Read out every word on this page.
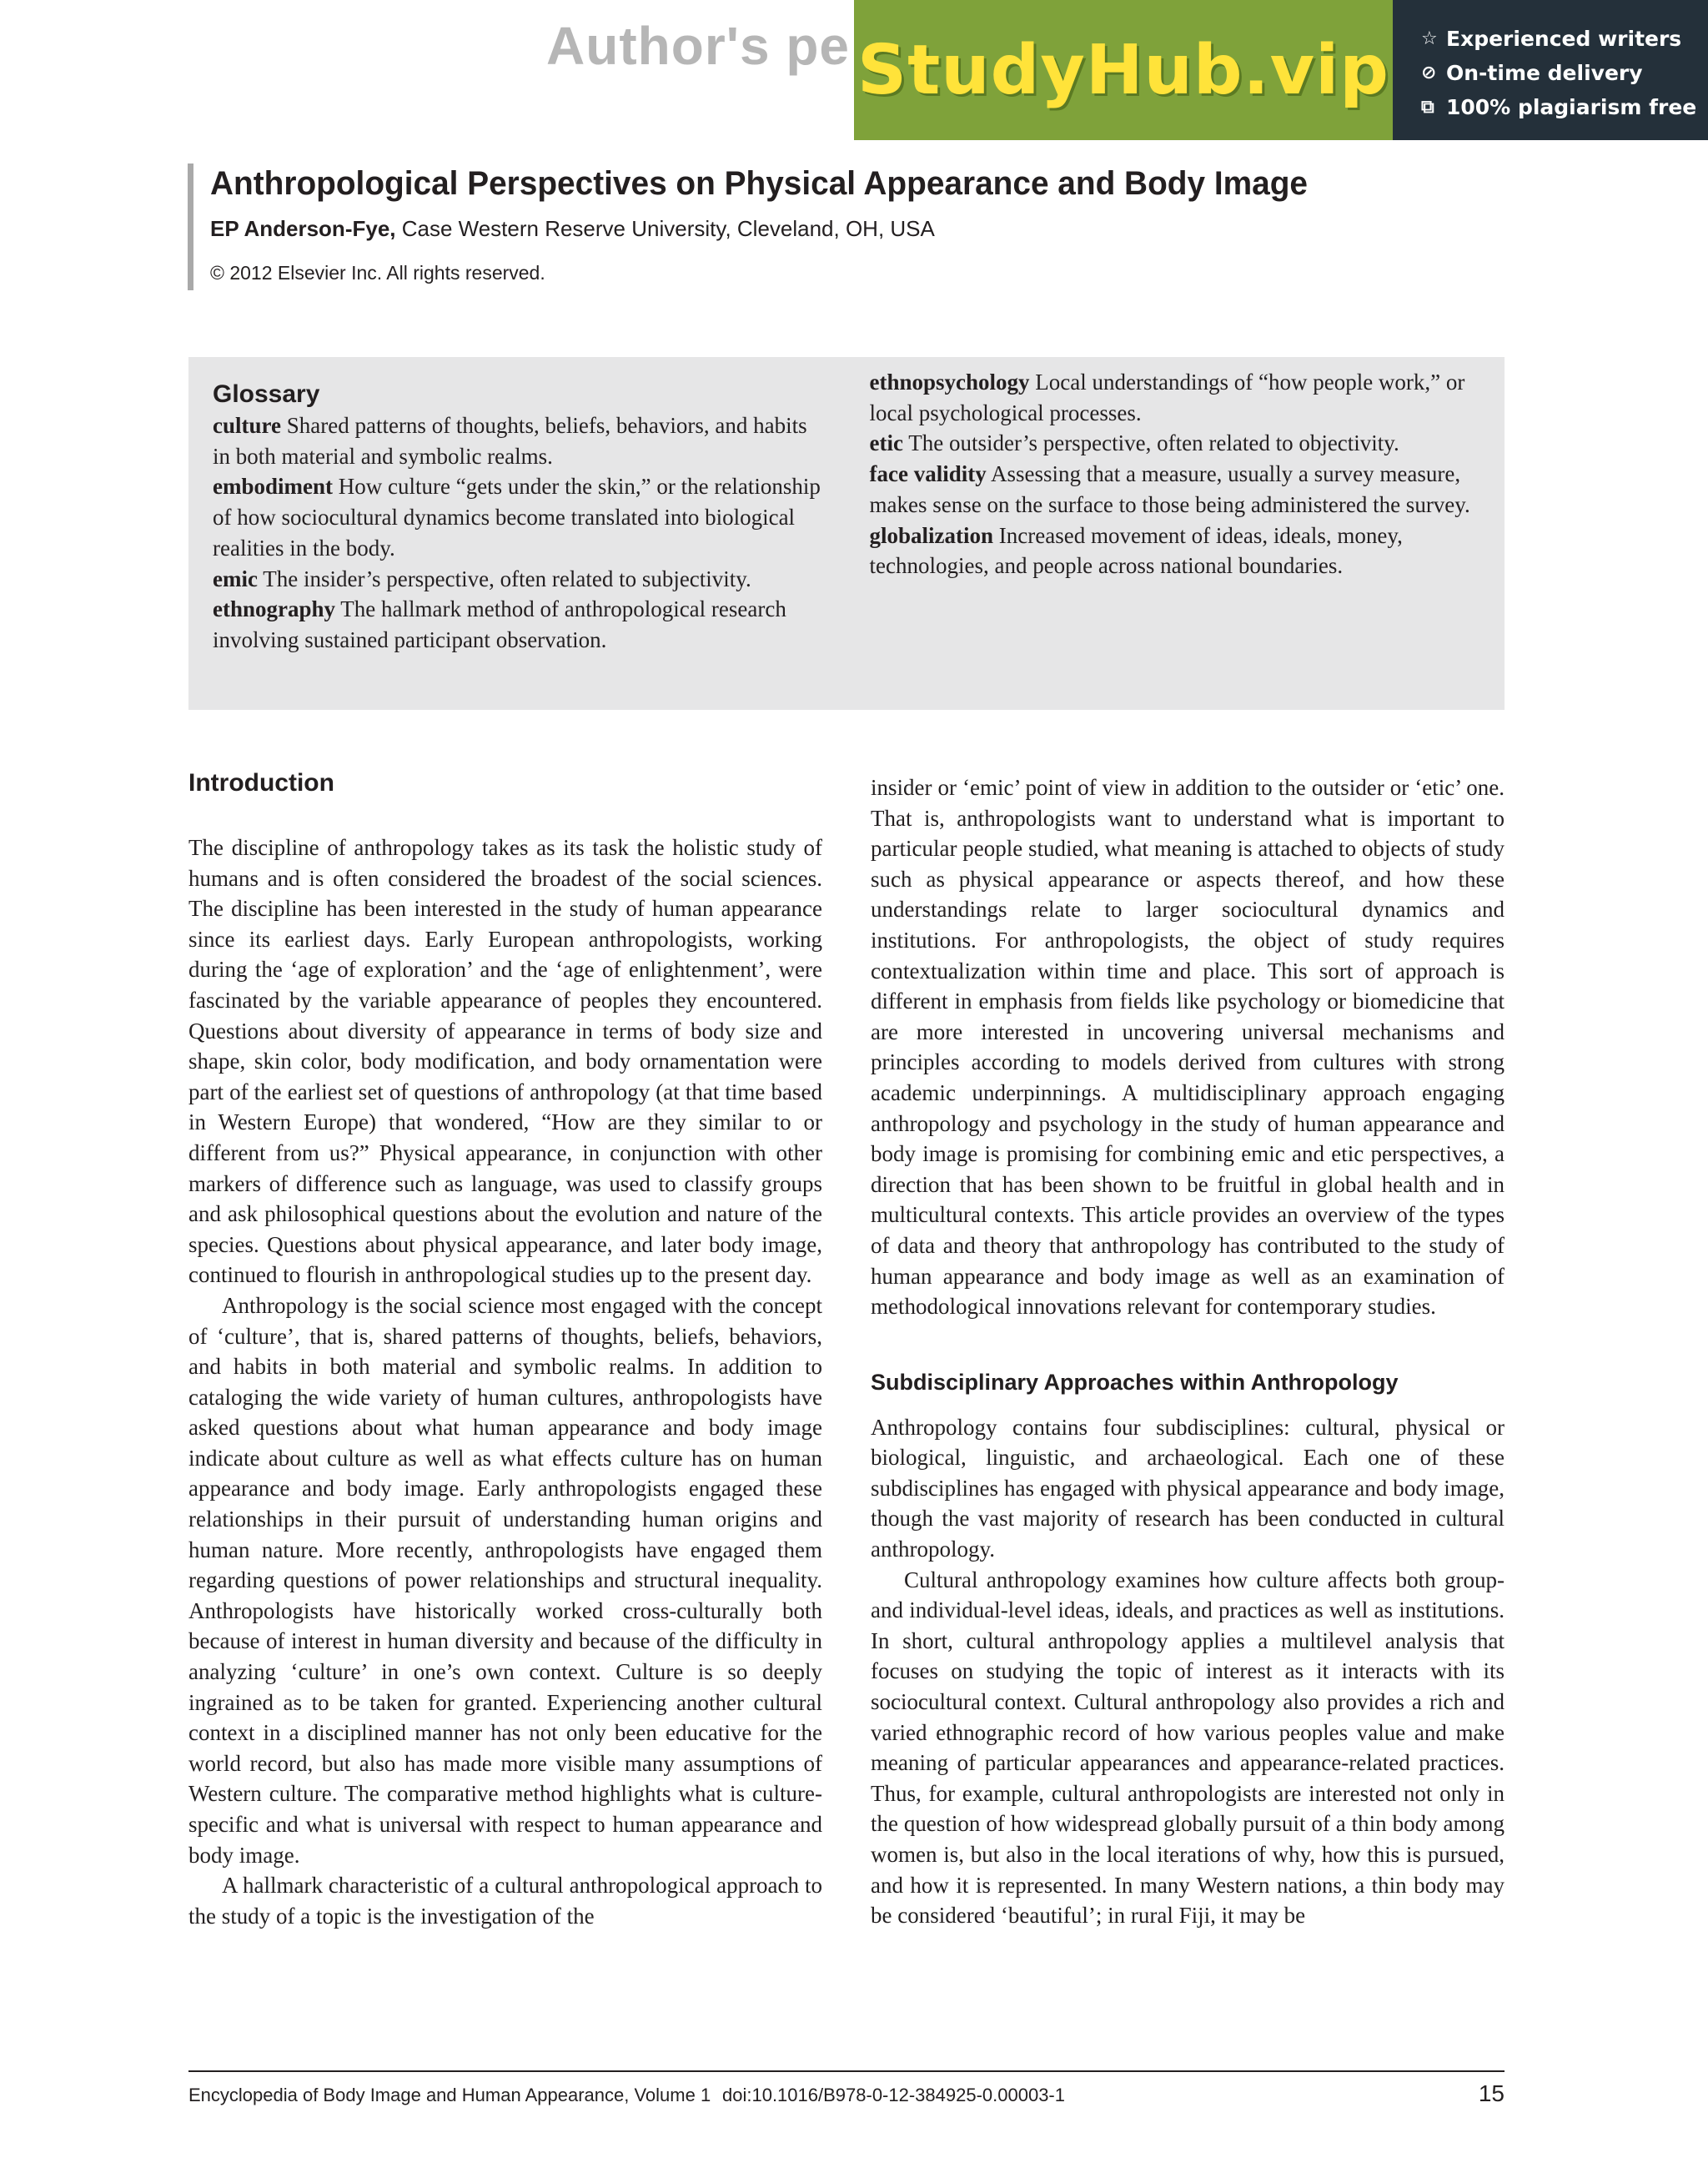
Author's pe StudyHub.vip ☆ Experienced writers
⊘ On-time delivery
⧉ 100% plagiarism free
Anthropological Perspectives on Physical Appearance and Body Image
EP Anderson-Fye, Case Western Reserve University, Cleveland, OH, USA
© 2012 Elsevier Inc. All rights reserved.
Glossary
culture Shared patterns of thoughts, beliefs, behaviors, and habits in both material and symbolic realms.
embodiment How culture “gets under the skin,” or the relationship of how sociocultural dynamics become translated into biological realities in the body.
emic The insider’s perspective, often related to subjectivity.
ethnography The hallmark method of anthropological research involving sustained participant observation.
ethnopsychology Local understandings of “how people work,” or local psychological processes.
etic The outsider’s perspective, often related to objectivity.
face validity Assessing that a measure, usually a survey measure, makes sense on the surface to those being administered the survey.
globalization Increased movement of ideas, ideals, money, technologies, and people across national boundaries.
Introduction

The discipline of anthropology takes as its task the holistic study of humans and is often considered the broadest of the social sciences. The discipline has been interested in the study of human appearance since its earliest days. Early European anthropologists, working during the ‘age of exploration’ and the ‘age of enlightenment’, were fascinated by the variable appearance of peoples they encountered. Questions about diversity of appearance in terms of body size and shape, skin color, body modification, and body ornamentation were part of the earliest set of questions of anthropology (at that time based in Western Europe) that wondered, “How are they similar to or different from us?” Physical appearance, in conjunction with other markers of difference such as language, was used to classify groups and ask philosophical questions about the evolution and nature of the species. Questions about physical appearance, and later body image, continued to flourish in anthropological studies up to the present day.

Anthropology is the social science most engaged with the concept of ‘culture’, that is, shared patterns of thoughts, beliefs, behaviors, and habits in both material and symbolic realms. In addition to cataloging the wide variety of human cultures, anthropologists have asked questions about what human appearance and body image indicate about culture as well as what effects culture has on human appearance and body image. Early anthropologists engaged these relationships in their pursuit of understanding human origins and human nature. More recently, anthropologists have engaged them regarding questions of power relationships and structural inequality. Anthropologists have historically worked cross-culturally both because of interest in human diversity and because of the difficulty in analyzing ‘culture’ in one’s own context. Culture is so deeply ingrained as to be taken for granted. Experiencing another cultural context in a disciplined manner has not only been educative for the world record, but also has made more visible many assumptions of Western culture. The comparative method highlights what is culture-specific and what is universal with respect to human appearance and body image.

A hallmark characteristic of a cultural anthropological approach to the study of a topic is the investigation of the

insider or ‘emic’ point of view in addition to the outsider or ‘etic’ one. That is, anthropologists want to understand what is important to particular people studied, what meaning is attached to objects of study such as physical appearance or aspects thereof, and how these understandings relate to larger sociocultural dynamics and institutions. For anthropologists, the object of study requires contextualization within time and place. This sort of approach is different in emphasis from fields like psychology or biomedicine that are more interested in uncovering universal mechanisms and principles according to models derived from cultures with strong academic underpinnings. A multidisciplinary approach engaging anthropology and psychology in the study of human appearance and body image is promising for combining emic and etic perspectives, a direction that has been shown to be fruitful in global health and in multicultural contexts. This article provides an overview of the types of data and theory that anthropology has contributed to the study of human appearance and body image as well as an examination of methodological innovations relevant for contemporary studies.

Subdisciplinary Approaches within Anthropology

Anthropology contains four subdisciplines: cultural, physical or biological, linguistic, and archaeological. Each one of these subdisciplines has engaged with physical appearance and body image, though the vast majority of research has been conducted in cultural anthropology.

Cultural anthropology examines how culture affects both group- and individual-level ideas, ideals, and practices as well as institutions. In short, cultural anthropology applies a multilevel analysis that focuses on studying the topic of interest as it interacts with its sociocultural context. Cultural anthropology also provides a rich and varied ethnographic record of how various peoples value and make meaning of particular appearances and appearance-related practices. Thus, for example, cultural anthropologists are interested not only in the question of how widespread globally pursuit of a thin body among women is, but also in the local iterations of why, how this is pursued, and how it is represented. In many Western nations, a thin body may be considered ‘beautiful’; in rural Fiji, it may be

Encyclopedia of Body Image and Human Appearance, Volume 1 doi:10.1016/B978-0-12-384925-0.00003-1	15
